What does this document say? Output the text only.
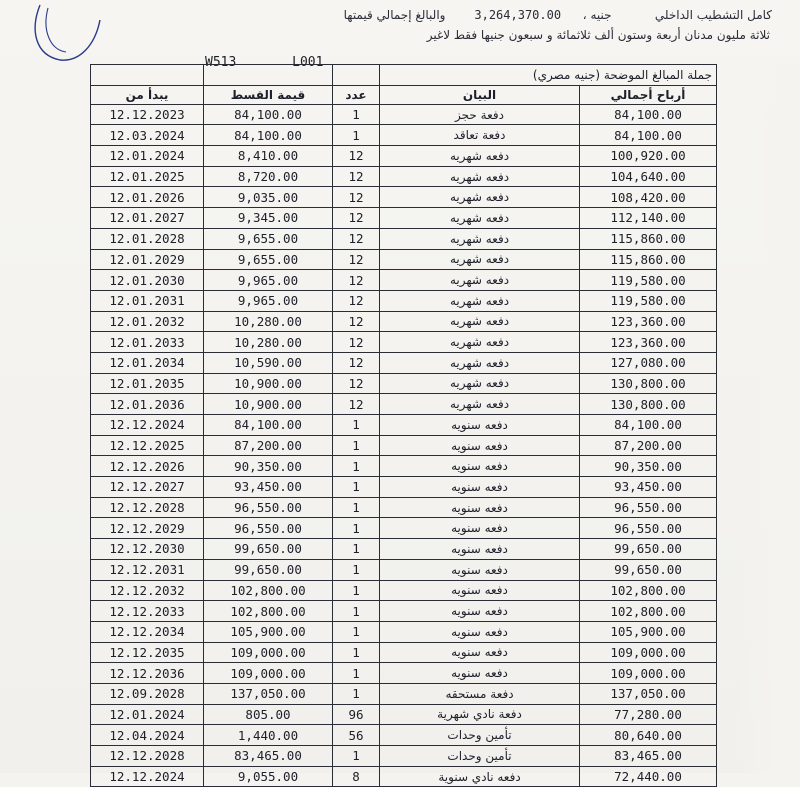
كامل التشطيب الداخلي      جنيه ،   3,264,370.00    والبالغ إجمالي قيمتها
ثلاثة مليون مدنان أربعة وستون ألف ثلاثمائة و سبعون جنيها فقط لاغير
W513	L001
			جملة المبالغ الموضحة (جنيه مصري)	
يبدأ من	قيمة القسط	عدد	البيان	أرباح أجمالي
12.12.2023	84,100.00	1	دفعة حجز	84,100.00
12.03.2024	84,100.00	1	دفعة تعاقد	84,100.00
12.01.2024	8,410.00	12	دفعه شهريه	100,920.00
12.01.2025	8,720.00	12	دفعه شهريه	104,640.00
12.01.2026	9,035.00	12	دفعه شهريه	108,420.00
12.01.2027	9,345.00	12	دفعه شهريه	112,140.00
12.01.2028	9,655.00	12	دفعه شهريه	115,860.00
12.01.2029	9,655.00	12	دفعه شهريه	115,860.00
12.01.2030	9,965.00	12	دفعه شهريه	119,580.00
12.01.2031	9,965.00	12	دفعه شهريه	119,580.00
12.01.2032	10,280.00	12	دفعه شهريه	123,360.00
12.01.2033	10,280.00	12	دفعه شهريه	123,360.00
12.01.2034	10,590.00	12	دفعه شهريه	127,080.00
12.01.2035	10,900.00	12	دفعه شهريه	130,800.00
12.01.2036	10,900.00	12	دفعه شهريه	130,800.00
12.12.2024	84,100.00	1	دفعه سنويه	84,100.00
12.12.2025	87,200.00	1	دفعه سنويه	87,200.00
12.12.2026	90,350.00	1	دفعه سنويه	90,350.00
12.12.2027	93,450.00	1	دفعه سنويه	93,450.00
12.12.2028	96,550.00	1	دفعه سنويه	96,550.00
12.12.2029	96,550.00	1	دفعه سنويه	96,550.00
12.12.2030	99,650.00	1	دفعه سنويه	99,650.00
12.12.2031	99,650.00	1	دفعه سنويه	99,650.00
12.12.2032	102,800.00	1	دفعه سنويه	102,800.00
12.12.2033	102,800.00	1	دفعه سنويه	102,800.00
12.12.2034	105,900.00	1	دفعه سنويه	105,900.00
12.12.2035	109,000.00	1	دفعه سنويه	109,000.00
12.12.2036	109,000.00	1	دفعه سنويه	109,000.00
12.09.2028	137,050.00	1	دفعة مستحقه	137,050.00
12.01.2024	805.00	96	دفعة نادي شهرية	77,280.00
12.04.2024	1,440.00	56	تأمين وحدات	80,640.00
12.12.2028	83,465.00	1	تأمين وحدات	83,465.00
12.12.2024	9,055.00	8	دفعه نادي سنوية	72,440.00
